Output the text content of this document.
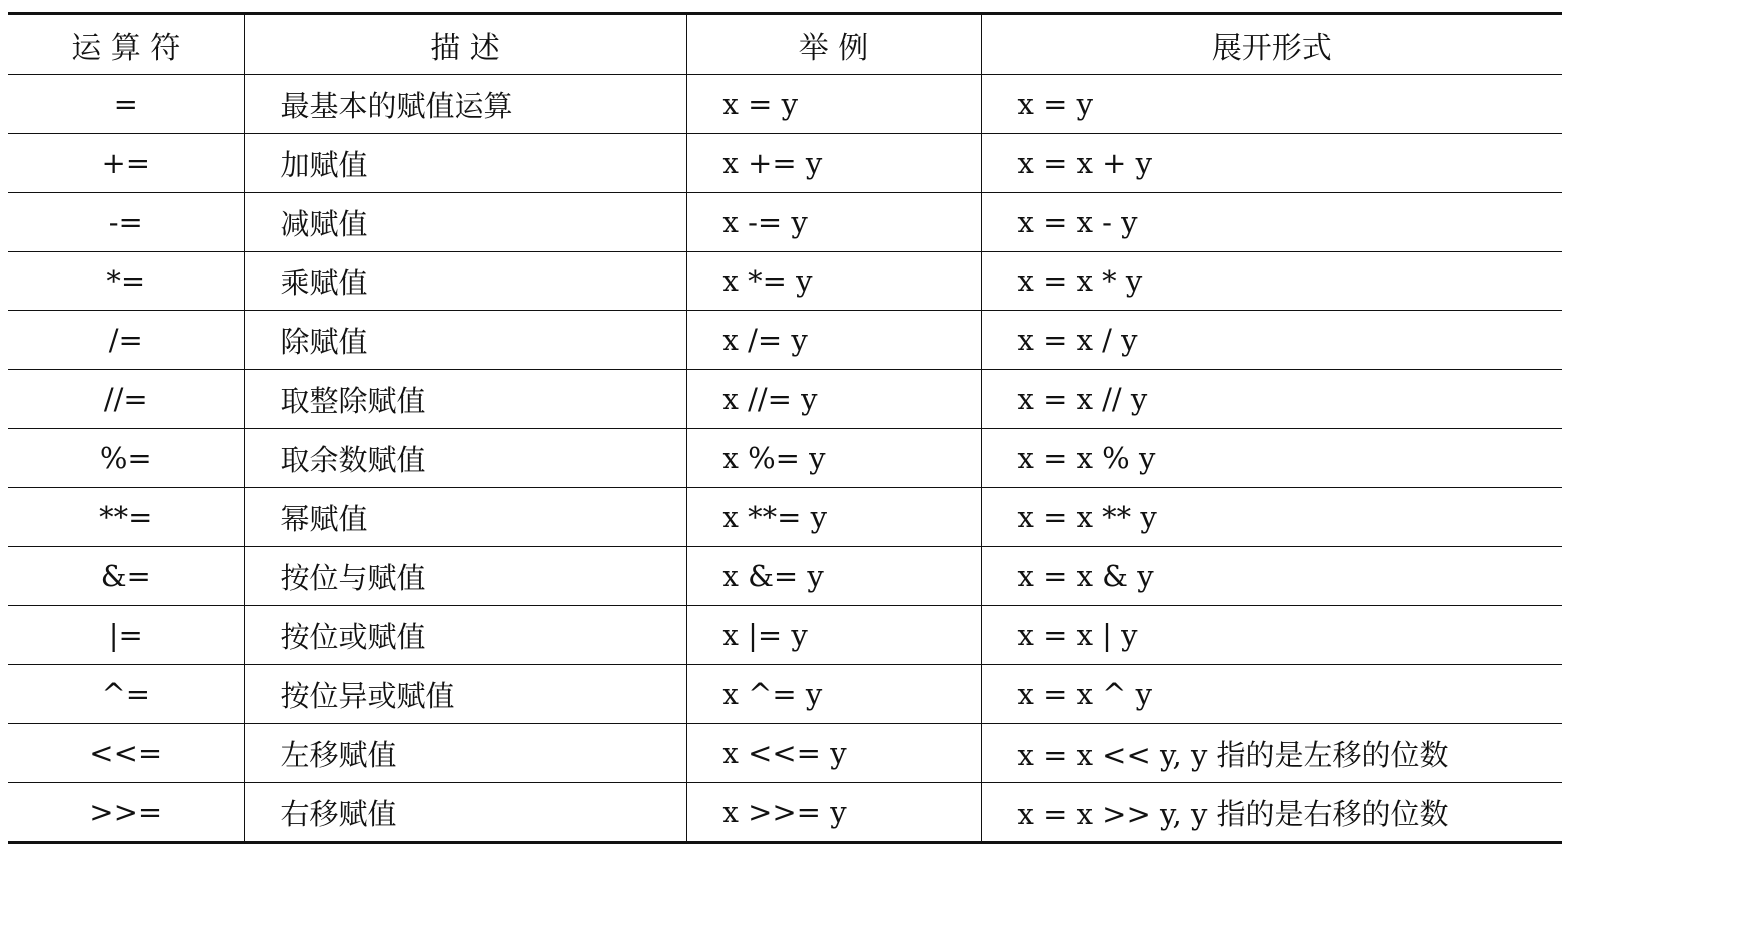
运 算 符	描 述	举 例	展开形式
=	最基本的赋值运算	x = y	x = y
+=	加赋值	x += y	x = x + y
-=	减赋值	x -= y	x = x - y
*=	乘赋值	x *= y	x = x * y
/=	除赋值	x /= y	x = x / y
//=	取整除赋值	x //= y	x = x // y
%=	取余数赋值	x %= y	x = x % y
**=	幂赋值	x **= y	x = x ** y
&=	按位与赋值	x &= y	x = x & y
|=	按位或赋值	x |= y	x = x | y
^=	按位异或赋值	x ^= y	x = x ^ y
<<=	左移赋值	x <<= y	x = x << y, y 指的是左移的位数
>>=	右移赋值	x >>= y	x = x >> y, y 指的是右移的位数
